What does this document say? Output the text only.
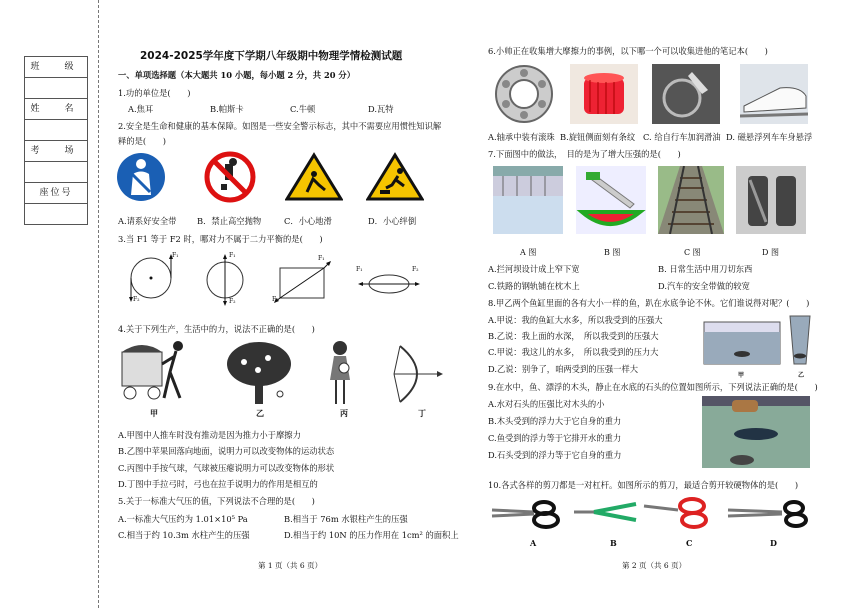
班　级
姓　名
考　场
座位号
2024-2025学年度下学期八年级期中物理学情检测试题
一、单项选择题（本大题共 10 小题，每小题 2 分，共 20 分）
1.功的单位是(　　)
A.焦耳	B.帕斯卡	C.牛顿	D.瓦特
2.安全是生命和健康的基本保障。如图是一些安全警示标志，其中不需要应用惯性知识解
释的是(　　)
A.请系好安全带 B．禁止高空抛物	C．小心地滑	D．小心绊倒
3.当 F1 等于 F2 时，哪对力不属于二力平衡的是(　　)
F₁
F₂
F₁
F₂
F₁
F₂
F₁	F₂
4.关于下列生产，生活中的力，说法不正确的是(　　)
甲	乙	丙	丁
A.甲图中人推车时没有推动是因为推力小于摩擦力
B.乙图中苹果回落向地面，说明力可以改变物体的运动状态
C.丙图中手按气球，气球被压瘪说明力可以改变物体的形状
D.丁图中手拉弓时，弓也在拉手说明力的作用是相互的
5.关于一标准大气压的值，下列说法不合理的是(　　)
A.一标准大气压约为 1.01×10⁵ Pa	B.相当于 76m 水银柱产生的压强
C.相当于约 10.3m 水柱产生的压强	D.相当于约 10N 的压力作用在 1cm² 的面积上
第 1 页（共 6 页）
6.小帅正在收集增大摩擦力的事例，以下哪一个可以收集进他的笔记本(　　)
A.轴承中装有滚珠 B.旋钮侧面刻有条纹 C. 给自行车加润滑油 D. 磁悬浮列车车身悬浮
7.下面图中的做法，　目的是为了增大压强的是(　　)
A 图	B 图	C 图	D 图
A.拦河坝设计成上窄下宽	B. 日常生活中用刀切东西
C.铁路的钢轨铺在枕木上	D.汽车的安全带做的较宽
8.甲乙两个鱼缸里面的各有大小一样的鱼，趴在水底争论不休。它们谁说得对呢？(　　)
A.甲说：我的鱼缸大水多，所以我受到的压强大
B.乙说：我上面的水深，　所以我受到的压强大
C.甲说：我这儿的水多，　所以我受到的压力大
D.乙说：别争了，咱两受到的压强一样大
甲	乙
9.在水中，鱼、漂浮的木头，静止在水底的石头的位置如图所示，下列说法正确的是(　　)
A.水对石头的压强比对木头的小
B.木头受到的浮力大于它自身的重力
C.鱼受到的浮力等于它排开水的重力
D.石头受到的浮力等于它自身的重力
10.各式各样的剪刀都是一对杠杆。如图所示的剪刀，最适合剪开较硬物体的是(　　)
A	B	C	D
第 2 页（共 6 页）
